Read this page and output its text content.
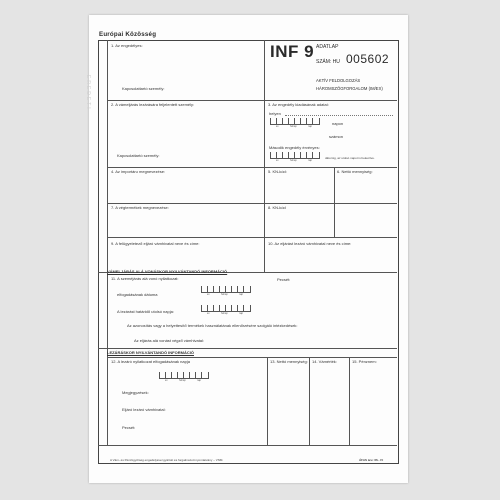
Európai Közösség
EREDETI
1. Az engedélyes:
Kapcsolattartó személy:
INF 9 ADATLAP
SZÁM: HU 005602
AKTÍV FELDOLGOZÁS
HÁROMSZÖGFORGALOM (IM/EX)
2. A vámeljárás lezárására feljelentett személy:
Kapcsolattartó személy:
3. Az engedély kiadásának adatai:
helyen
év	hónap	nap
napon
számon
Második engedély érvényes:
év	hónap	nap
dátumig, az utolsó napot is beleértve.
4. Az importáru megnevezése:	5. KN-kód:	6. Nettó mennyiség:
7. A végtermékek megnevezése:	8. KN-kód
9. A felügyeletező eljáró vámhivatal neve és címe:	10. Az eljárást lezáró vámhivatal neve és címe:
VÁMELJÁRÁS ALÁ VONÁSKOR NYILVÁNTANDÓ INFORMÁCIÓ
11. A szeméjárás alá vonó nyilatkozat:	Pecsét:
elfogadásának dátuma	év	hónap	nap
A lezárást határidő utolsó napja:	év	hónap	nap
Az azonosítás vagy a helyettesítő termékek használatának ellenőrzésére szolgáló intézkedések:
Az eljárás alá vonást végző vámhivatal:
LEZÁRÁSKOR NYILVÁNTANDÓ INFORMÁCIÓ
12. A lezáró nyilatkozat elfogadásának napja
év	hónap	nap
13. Nettó mennyiség: 14. Vámérték:	15. Pénznem:
Megjegyzések:
Eljáró lezáró vámhivatal:
Pecsét:
A Vám- és Pénzügyőrség engedélyével gyártott és forgalmazott nyomtatvány – VNM.	ÁFAS áru: 66.- Ft
